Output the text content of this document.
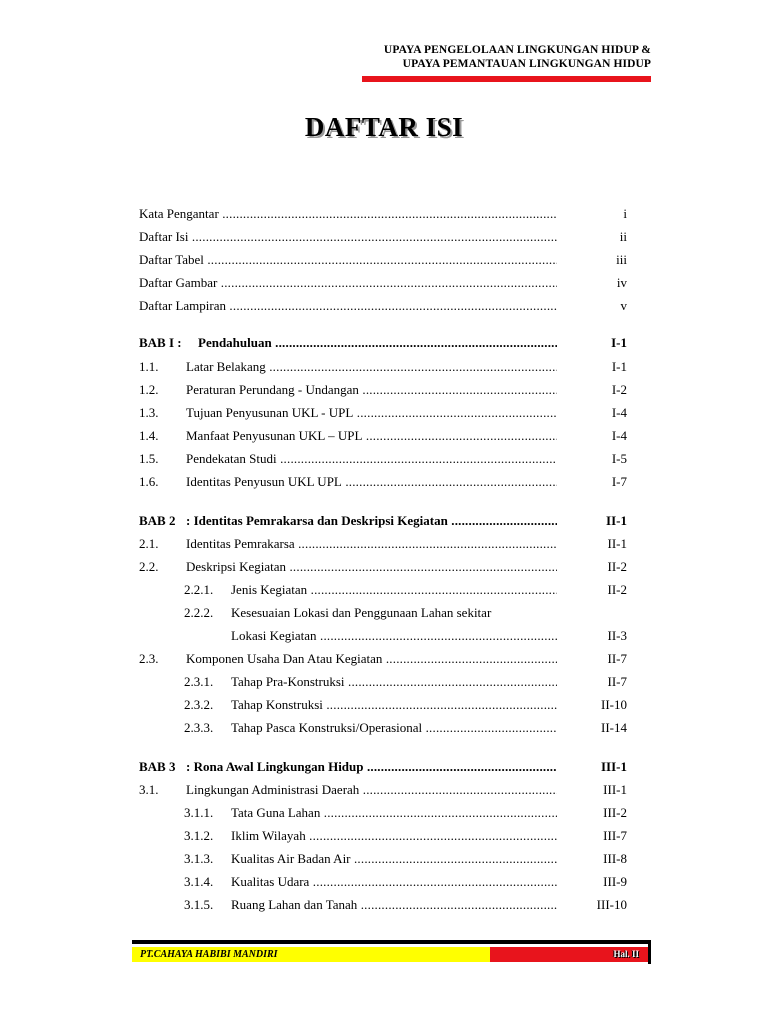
UPAYA PENGELOLAAN LINGKUNGAN HIDUP &
UPAYA PEMANTAUAN LINGKUNGAN HIDUP
DAFTAR ISI
Kata Pengantar .....	i
Daftar Isi .....	ii
Daftar Tabel .....	iii
Daftar Gambar .....	iv
Daftar Lampiran .....	v
BAB I : Pendahuluan .....	I-1
1.1. Latar Belakang .....	I-1
1.2. Peraturan Perundang - Undangan .....	I-2
1.3. Tujuan Penyusunan UKL - UPL .....	I-4
1.4. Manfaat Penyusunan UKL – UPL .....	I-4
1.5. Pendekatan Studi .....	I-5
1.6. Identitas Penyusun UKL UPL .....	I-7
BAB 2 : Identitas Pemrakarsa dan Deskripsi Kegiatan .....	II-1
2.1. Identitas Pemrakarsa .....	II-1
2.2. Deskripsi Kegiatan .....	II-2
2.2.1. Jenis Kegiatan .....	II-2
2.2.2. Kesesuaian Lokasi dan Penggunaan Lahan sekitar
Lokasi Kegiatan .....	II-3
2.3. Komponen Usaha Dan Atau Kegiatan .....	II-7
2.3.1. Tahap Pra-Konstruksi .....	II-7
2.3.2. Tahap Konstruksi .....	II-10
2.3.3. Tahap Pasca Konstruksi/Operasional .....	II-14
BAB 3 : Rona Awal Lingkungan Hidup .....	III-1
3.1. Lingkungan Administrasi Daerah .....	III-1
3.1.1. Tata Guna Lahan .....	III-2
3.1.2. Iklim Wilayah .....	III-7
3.1.3. Kualitas Air Badan Air .....	III-8
3.1.4. Kualitas Udara .....	III-9
3.1.5. Ruang Lahan dan Tanah .....	III-10
PT.CAHAYA HABIBI MANDIRI	Hal. II
